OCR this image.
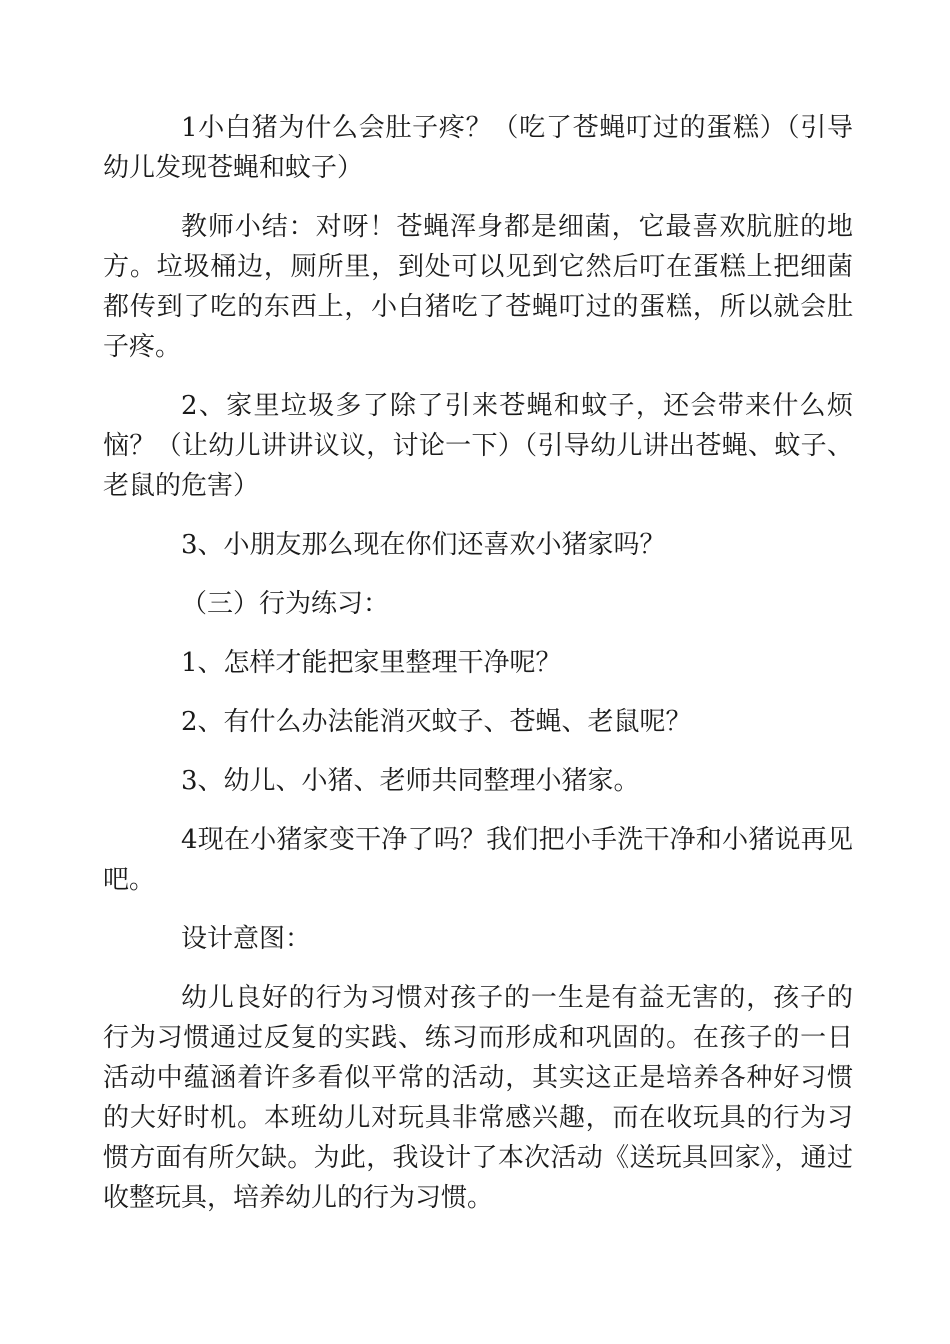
1小白猪为什么会肚子疼？（吃了苍蝇叮过的蛋糕）（引导幼儿发现苍蝇和蚊子）

教师小结：对呀！苍蝇浑身都是细菌，它最喜欢肮脏的地方。垃圾桶边，厕所里，到处可以见到它然后叮在蛋糕上把细菌都传到了吃的东西上，小白猪吃了苍蝇叮过的蛋糕，所以就会肚子疼。

2、家里垃圾多了除了引来苍蝇和蚊子，还会带来什么烦恼？（让幼儿讲讲议议，讨论一下）（引导幼儿讲出苍蝇、蚊子、老鼠的危害）

3、小朋友那么现在你们还喜欢小猪家吗？

（三）行为练习：

1、怎样才能把家里整理干净呢？

2、有什么办法能消灭蚊子、苍蝇、老鼠呢？

3、幼儿、小猪、老师共同整理小猪家。

4现在小猪家变干净了吗？我们把小手洗干净和小猪说再见吧。

设计意图：

幼儿良好的行为习惯对孩子的一生是有益无害的，孩子的行为习惯通过反复的实践、练习而形成和巩固的。在孩子的一日活动中蕴涵着许多看似平常的活动，其实这正是培养各种好习惯的大好时机。本班幼儿对玩具非常感兴趣，而在收玩具的行为习惯方面有所欠缺。为此，我设计了本次活动《送玩具回家》，通过收整玩具，培养幼儿的行为习惯。
